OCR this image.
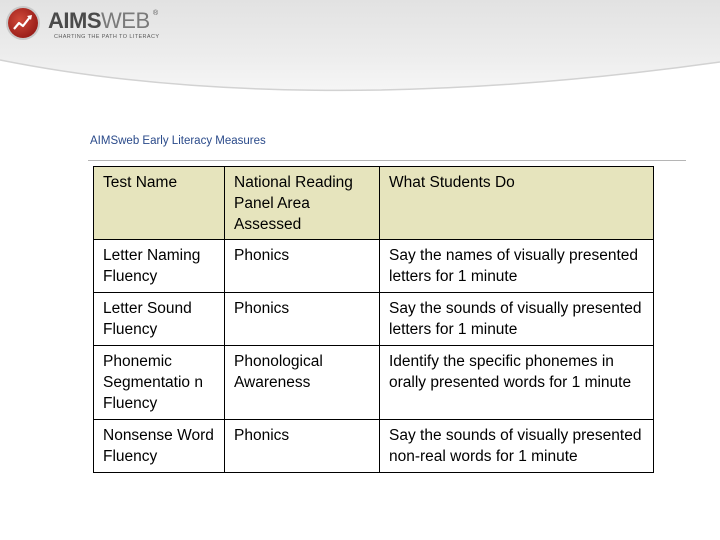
AIMSWEB ®
CHARTING THE PATH TO LITERACY
AIMSweb Early Literacy Measures
Test Name	National Reading Panel Area Assessed	What Students Do
Letter Naming Fluency	Phonics	Say the names of visually presented letters for 1 minute
Letter Sound Fluency	Phonics	Say the sounds of visually presented letters for 1 minute
Phonemic Segmentatio n Fluency	Phonological Awareness	Identify the specific phonemes in orally presented words for 1 minute
Nonsense Word Fluency	Phonics	Say the sounds of visually presented non-real words for 1 minute
